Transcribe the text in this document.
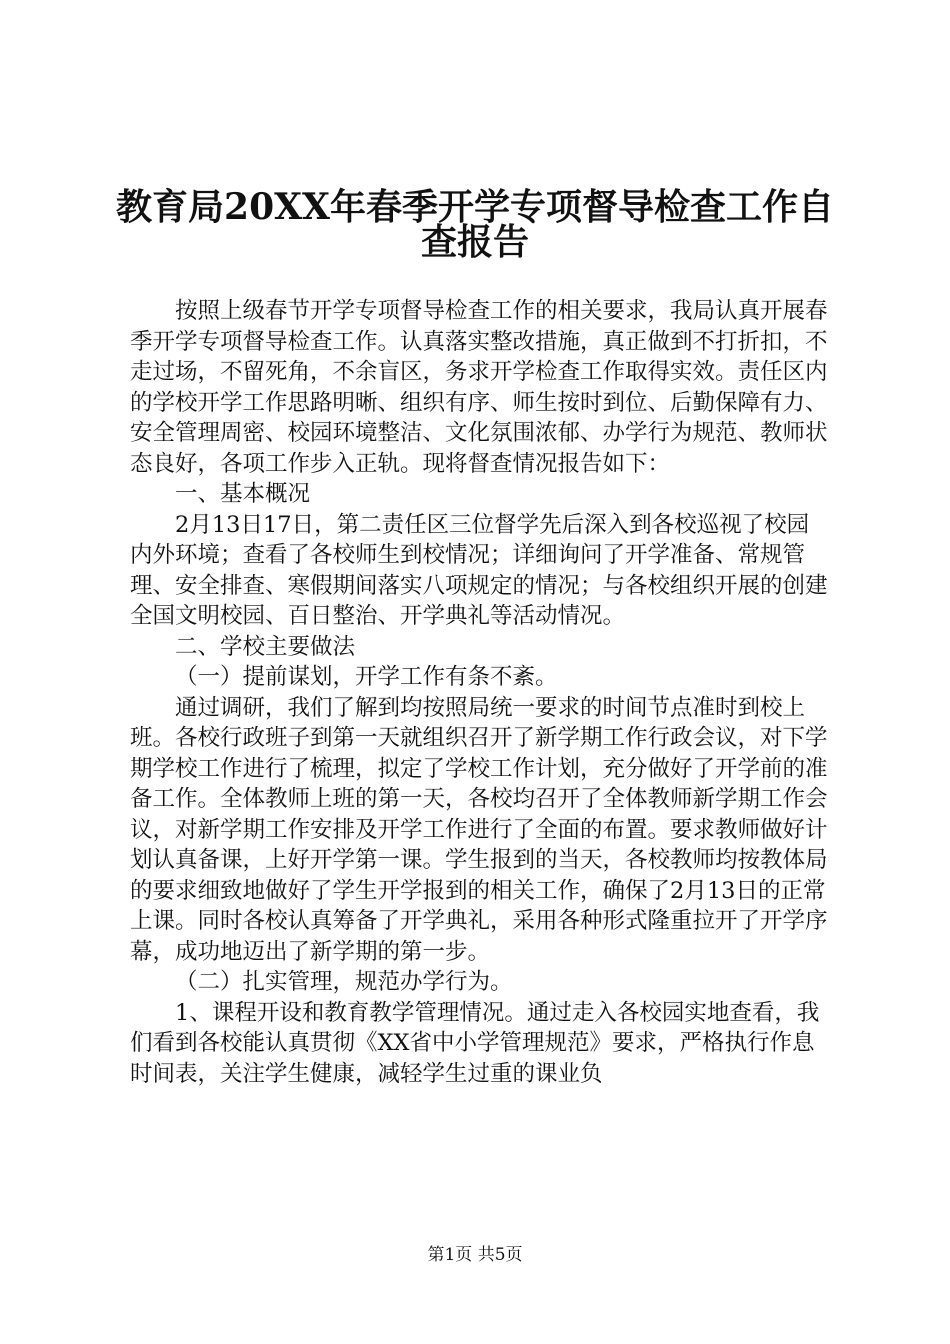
教育局20XX年春季开学专项督导检查工作自
查报告

按照上级春节开学专项督导检查工作的相关要求，我局认真开展春季开学专项督导检查工作。认真落实整改措施，真正做到不打折扣，不走过场，不留死角，不余盲区，务求开学检查工作取得实效。责任区内的学校开学工作思路明晰、组织有序、师生按时到位、后勤保障有力、安全管理周密、校园环境整洁、文化氛围浓郁、办学行为规范、教师状态良好，各项工作步入正轨。现将督查情况报告如下：

一、基本概况

2月13日17日，第二责任区三位督学先后深入到各校巡视了校园内外环境；查看了各校师生到校情况；详细询问了开学准备、常规管理、安全排查、寒假期间落实八项规定的情况；与各校组织开展的创建全国文明校园、百日整治、开学典礼等活动情况。

二、学校主要做法

（一）提前谋划，开学工作有条不紊。

通过调研，我们了解到均按照局统一要求的时间节点准时到校上班。各校行政班子到第一天就组织召开了新学期工作行政会议，对下学期学校工作进行了梳理，拟定了学校工作计划，充分做好了开学前的准备工作。全体教师上班的第一天，各校均召开了全体教师新学期工作会议，对新学期工作安排及开学工作进行了全面的布置。要求教师做好计划认真备课，上好开学第一课。学生报到的当天，各校教师均按教体局的要求细致地做好了学生开学报到的相关工作，确保了2月13日的正常上课。同时各校认真筹备了开学典礼，采用各种形式隆重拉开了开学序幕，成功地迈出了新学期的第一步。

（二）扎实管理，规范办学行为。

1、课程开设和教育教学管理情况。通过走入各校园实地查看，我们看到各校能认真贯彻《XX省中小学管理规范》要求，严格执行作息时间表，关注学生健康，减轻学生过重的课业负

第1页 共5页
